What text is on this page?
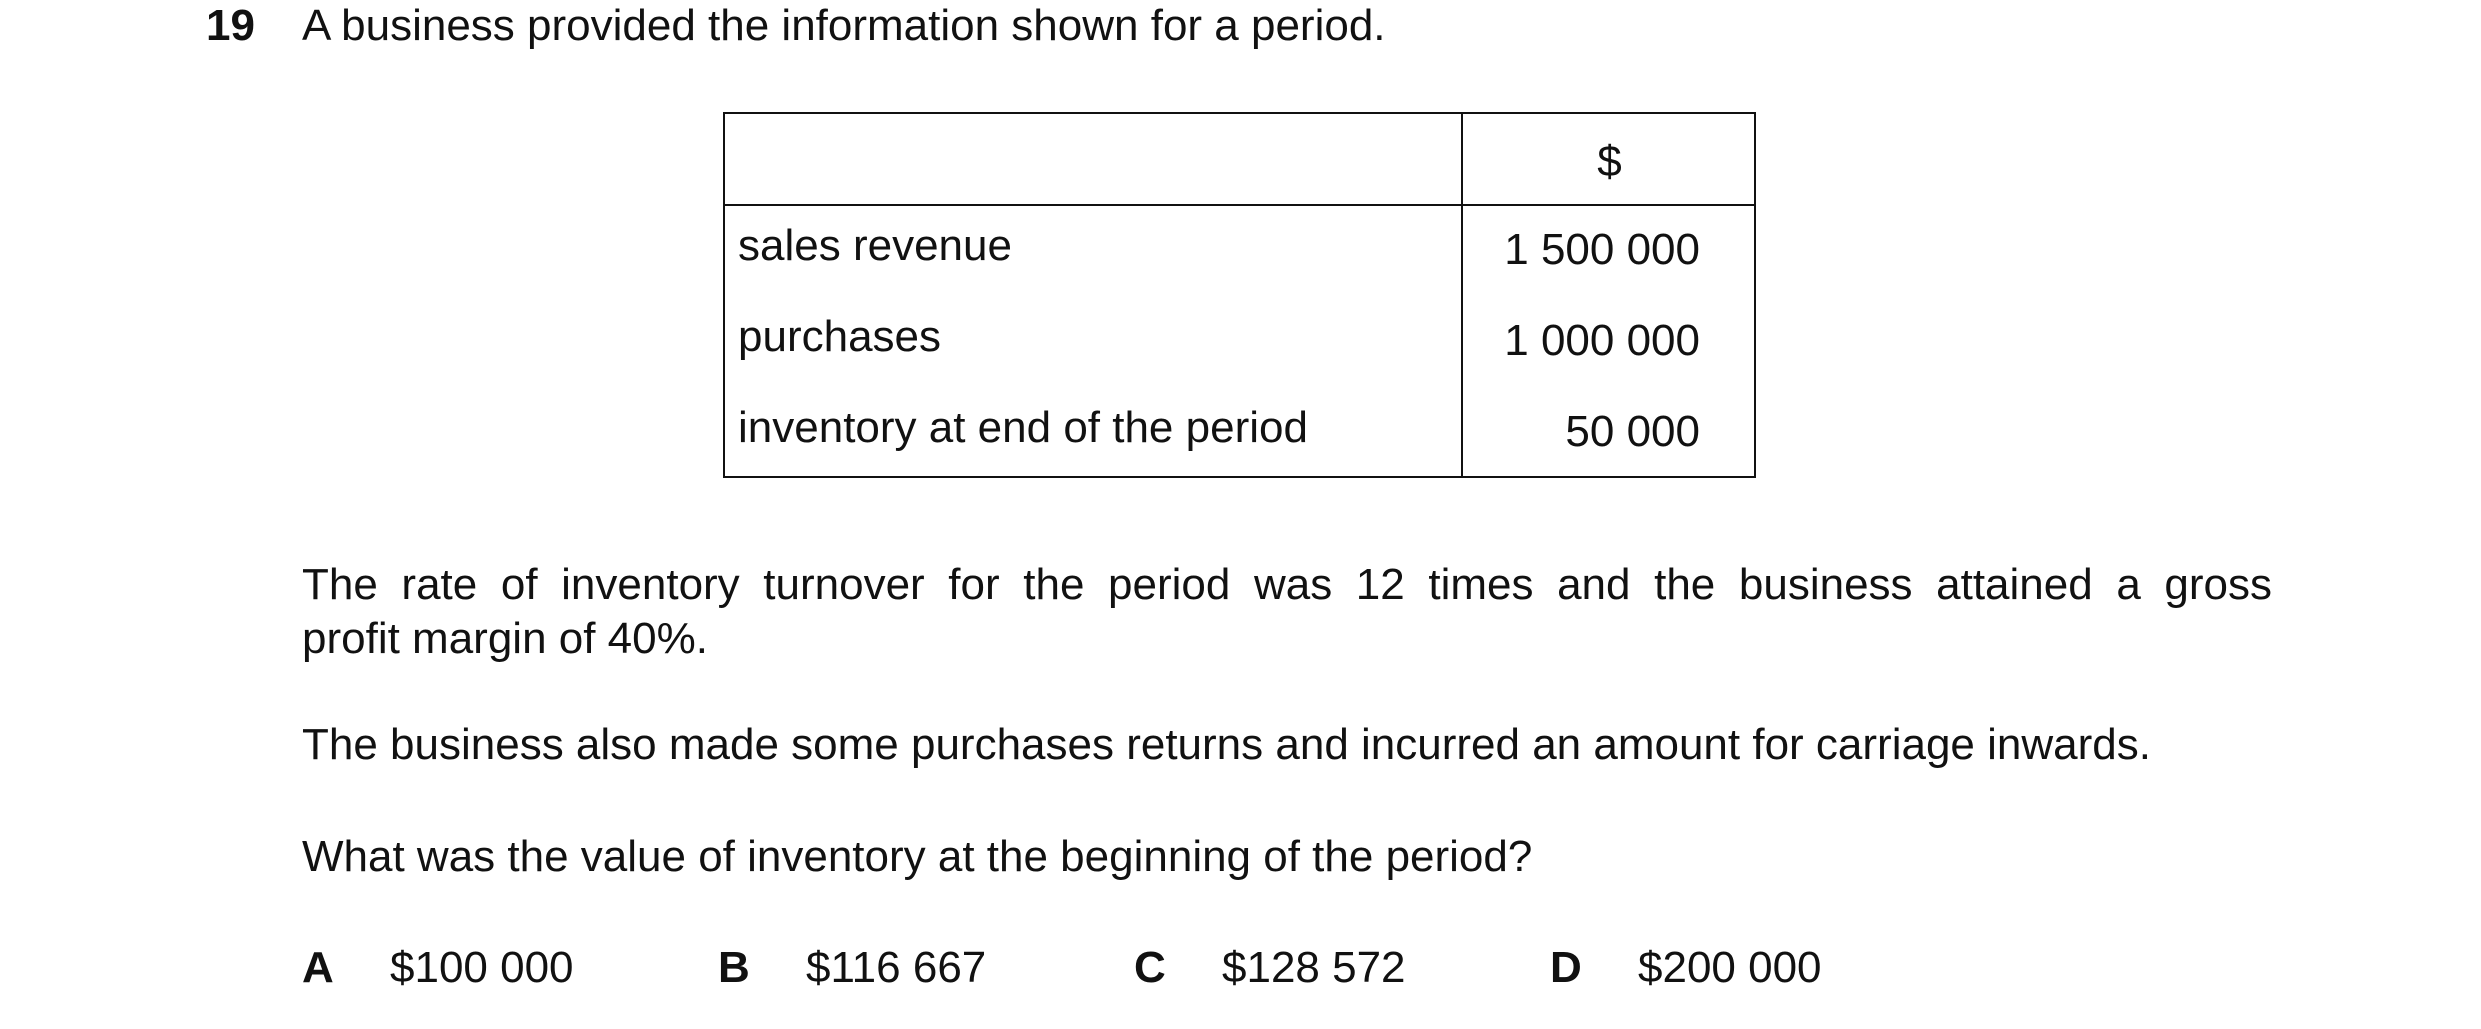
19 A business provided the information shown for a period.
$
sales revenue	1 500 000
purchases	1 000 000
inventory at end of the period	50 000
The rate of inventory turnover for the period was 12 times and the business attained a gross
profit margin of 40%.
The business also made some purchases returns and incurred an amount for carriage inwards.
What was the value of inventory at the beginning of the period?
A $100 000	B $116 667	C $128 572	D $200 000
